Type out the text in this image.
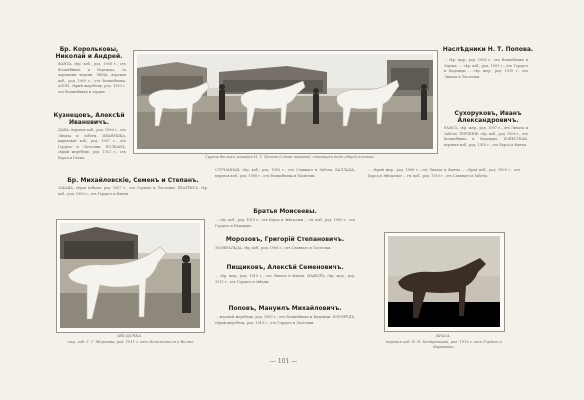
Бр. Корольковы, Николай и Андрей.
ФАНТА, сѣр. коб., род. 1908 г., отъ Волшебника и Надежды, съ хорошими ходами. ЗИМА, вороная коб., род. 1909 г., отъ Волшебника. АЛОН, сѣрый жеребецъ, род. 1910 г. отъ Волшебника и Зорьки.
Кузнецовъ, Алексѣй Ивановичъ.
ДАНА, вороная коб., род. 1906 г., отъ Лихача и Заботы. ИВАНУШКА, караковая коб., род. 1907 г., отъ Гордаго и Ласточки. ПОЛКАНЪ, сѣрый жеребецъ, род. 1911 г., отъ Барса и Галки.
Бр. Михайловскіе, Семенъ и Степанъ.
ЗАБАВА, сѣрая кобыла, род. 1907 г., отъ Гордаго и Ласточки. БЕАТРИСЪ, сѣр. коб., род. 1909 г., отъ Гордаго и Фанты.
Группа бѣлыхъ лошадей Н. Т. Попова (слѣва направо), стоящихъ подъ общей кличкой.
СЛУЧАЙНАЯ, сѣр. коб., род. 1905 г., отъ Славнаго и Заботы. БАЛЛАДА, вороная коб., род. 1908 г., отъ Волшебника и Малютки.
Братья Моисеевы.
... сѣр. коб., род. 1910 г., отъ Барса и Звѣздочки ... гн. коб., род. 1909 г., отъ Гордаго и Надежды.
Морозовъ, Григорій Степановичъ.
ЭСМЕРАЛЬДА, сѣр. коб., род. 1908 г., отъ Славнаго и Ласточки.
Пищиковъ, Алексѣй Семеновичъ.
... сѣр. жер., род. 1910 г., отъ Лихача и Фанты. МАЖОРЪ, сѣр. жер., род. 1911 г., отъ Гордаго и Звѣзды.
Поповъ, Мануилъ Михайловичъ.
... вороной жеребецъ, род. 1909 г., отъ Волшебника и Надежды. ИЗУМРУДЪ, сѣрый жеребецъ, род. 1910 г., отъ Гордаго и Ласточки.
... сѣрый жер., род. 1908 г., отъ Лихача и Фанты. ... сѣрая коб., род. 1909 г., отъ Барса и Звѣздочки ... гн. коб., род. 1910 г., отъ Славнаго и Заботы.
Наслѣдники Н. Т. Попова.
... сѣр. жер., род. 1908 г., отъ Волшебника и Зорьки. ... сѣр. коб., род. 1909 г., отъ Гордаго и Надежды ... сѣр. жер., род. 1910 г., отъ Лихача и Ласточки.
Сухоруковъ, Иванъ Александровичъ.
РАМСЪ, сѣр. жер., род. 1907 г., отъ Лихача и Заботы. ТЕРПЕНІЕ, сѣр. коб., род. 1908 г., отъ Волшебника и Надежды. ИЗВѢСТНАЯ, вороная коб., род. 1910 г., отъ Барса и Фанты.
ЗВѢЗДОЧКА.
сѣр. коб. Г. Г. Морозова, род. 1911 г. отъ Исполнителя и Волны.
КРАСА.
вороная коб. И. Н. Кондратьева, род. 1910 г. отъ Гордаго и Каравайки.
— 101 —
